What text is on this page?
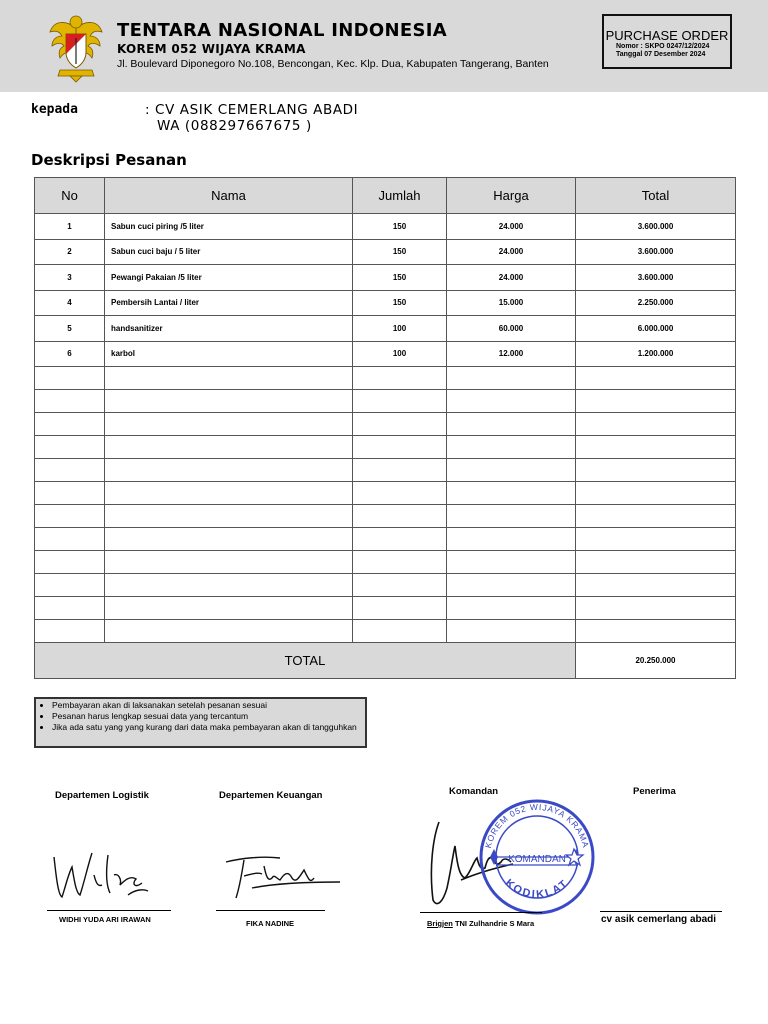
TENTARA NASIONAL INDONESIA
KOREM 052 WIJAYA KRAMA
Jl. Boulevard Diponegoro No.108, Bencongan, Kec. Klp. Dua, Kabupaten Tangerang, Banten
PURCHASE ORDER
Nomor : SKPO 0247/12/2024
Tanggal 07 Desember 2024
kepada	: CV ASIK CEMERLANG ABADI
WA (088297667675 )
Deskripsi Pesanan
No	Nama	Jumlah	Harga	Total
1	Sabun cuci piring /5 liter	150	24.000	3.600.000
2	Sabun cuci baju / 5 liter	150	24.000	3.600.000
3	Pewangi Pakaian /5 liter	150	24.000	3.600.000
4	Pembersih Lantai / liter	150	15.000	2.250.000
5	handsanitizer	100	60.000	6.000.000
6	karbol	100	12.000	1.200.000

TOTAL				20.250.000
• Pembayaran akan di laksanakan setelah pesanan sesuai
• Pesanan harus lengkap sesuai data yang tercantum
• Jika ada satu yang yang kurang dari data maka pembayaran akan di tangguhkan
Departemen Logistik	Departemen Keuangan	Komandan	Penerima
KOMANDAN
KOREM 052 WIJAYA KRAMA
KODIKLAT
WIDHI YUDA ARI IRAWAN	FIKA NADINE	Brigjen TNI Zulhandrie S Mara	cv asik cemerlang abadi
